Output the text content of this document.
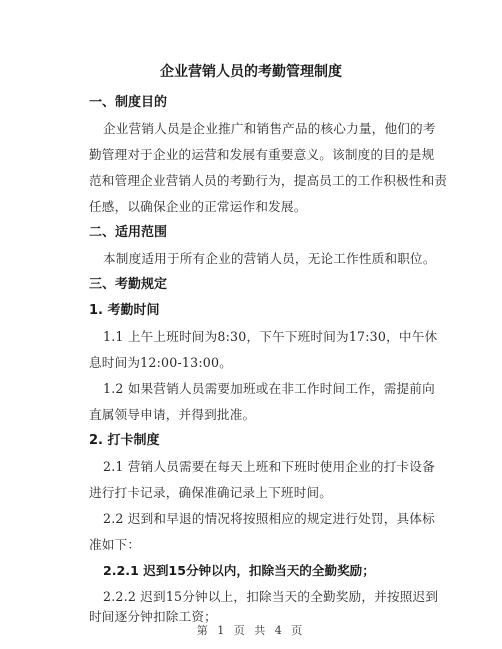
企业营销人员的考勤管理制度
一、制度目的
企业营销人员是企业推广和销售产品的核心力量，他们的考
勤管理对于企业的运营和发展有重要意义。该制度的目的是规
范和管理企业营销人员的考勤行为，提高员工的工作积极性和责
任感，以确保企业的正常运作和发展。
二、适用范围
本制度适用于所有企业的营销人员，无论工作性质和职位。
三、考勤规定
1. 考勤时间
1.1 上午上班时间为8:30，下午下班时间为17:30，中午休
息时间为12:00-13:00。
1.2 如果营销人员需要加班或在非工作时间工作，需提前向
直属领导申请，并得到批准。
2. 打卡制度
2.1 营销人员需要在每天上班和下班时使用企业的打卡设备
进行打卡记录，确保准确记录上下班时间。
2.2 迟到和早退的情况将按照相应的规定进行处罚，具体标
准如下：
2.2.1 迟到15分钟以内，扣除当天的全勤奖励；
2.2.2 迟到15分钟以上，扣除当天的全勤奖励，并按照迟到
时间逐分钟扣除工资；
第 1 页 共 4 页
